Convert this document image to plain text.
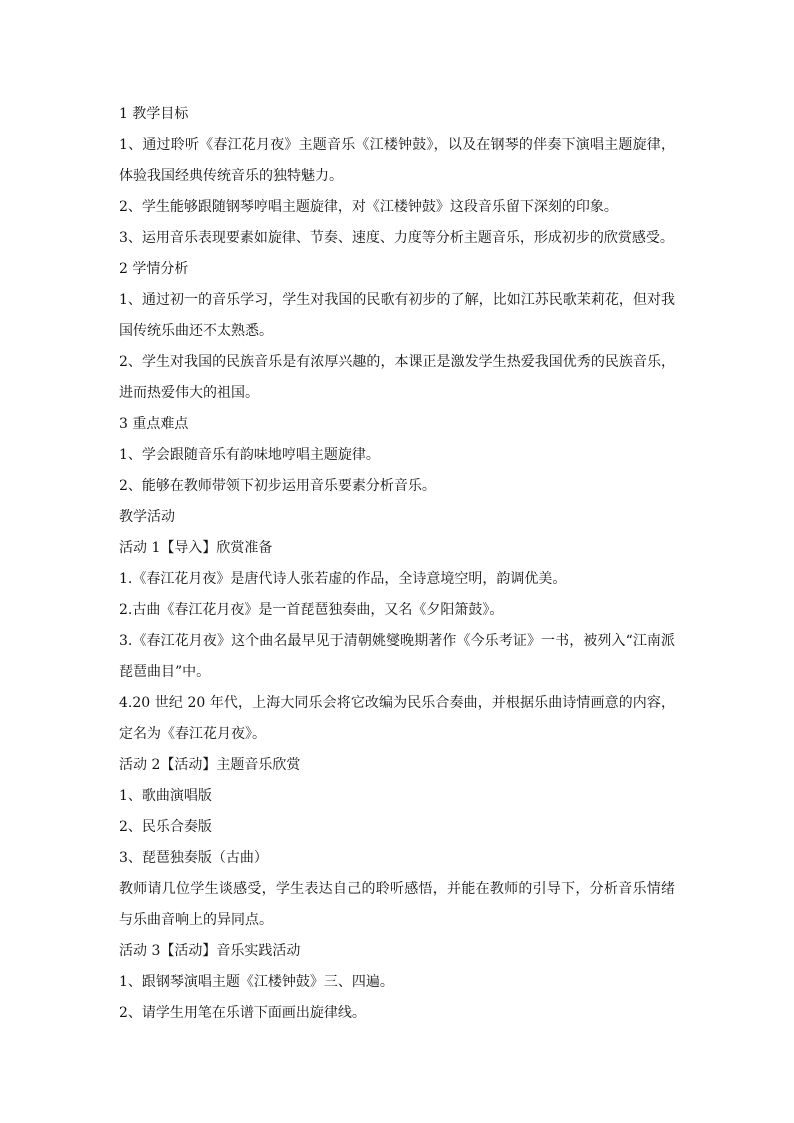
1 教学目标

1、通过聆听《春江花月夜》主题音乐《江楼钟鼓》，以及在钢琴的伴奏下演唱主题旋律，体验我国经典传统音乐的独特魅力。

2、学生能够跟随钢琴哼唱主题旋律，对《江楼钟鼓》这段音乐留下深刻的印象。

3、运用音乐表现要素如旋律、节奏、速度、力度等分析主题音乐，形成初步的欣赏感受。

2 学情分析

1、通过初一的音乐学习，学生对我国的民歌有初步的了解，比如江苏民歌茉莉花，但对我国传统乐曲还不太熟悉。

2、学生对我国的民族音乐是有浓厚兴趣的，本课正是激发学生热爱我国优秀的民族音乐，进而热爱伟大的祖国。

3 重点难点

1、学会跟随音乐有韵味地哼唱主题旋律。

2、能够在教师带领下初步运用音乐要素分析音乐。

教学活动

活动 1【导入】欣赏准备

1.《春江花月夜》是唐代诗人张若虚的作品，全诗意境空明，韵调优美。

2.古曲《春江花月夜》是一首琵琶独奏曲，又名《夕阳箫鼓》。

3.《春江花月夜》这个曲名最早见于清朝姚燮晚期著作《今乐考证》一书，被列入“江南派琵琶曲目”中。

4.20 世纪 20 年代，上海大同乐会将它改编为民乐合奏曲，并根据乐曲诗情画意的内容，定名为《春江花月夜》。

活动 2【活动】主题音乐欣赏

1、歌曲演唱版

2、民乐合奏版

3、琵琶独奏版（古曲）

教师请几位学生谈感受，学生表达自己的聆听感悟，并能在教师的引导下，分析音乐情绪与乐曲音响上的异同点。

活动 3【活动】音乐实践活动

1、跟钢琴演唱主题《江楼钟鼓》三、四遍。

2、请学生用笔在乐谱下面画出旋律线。
